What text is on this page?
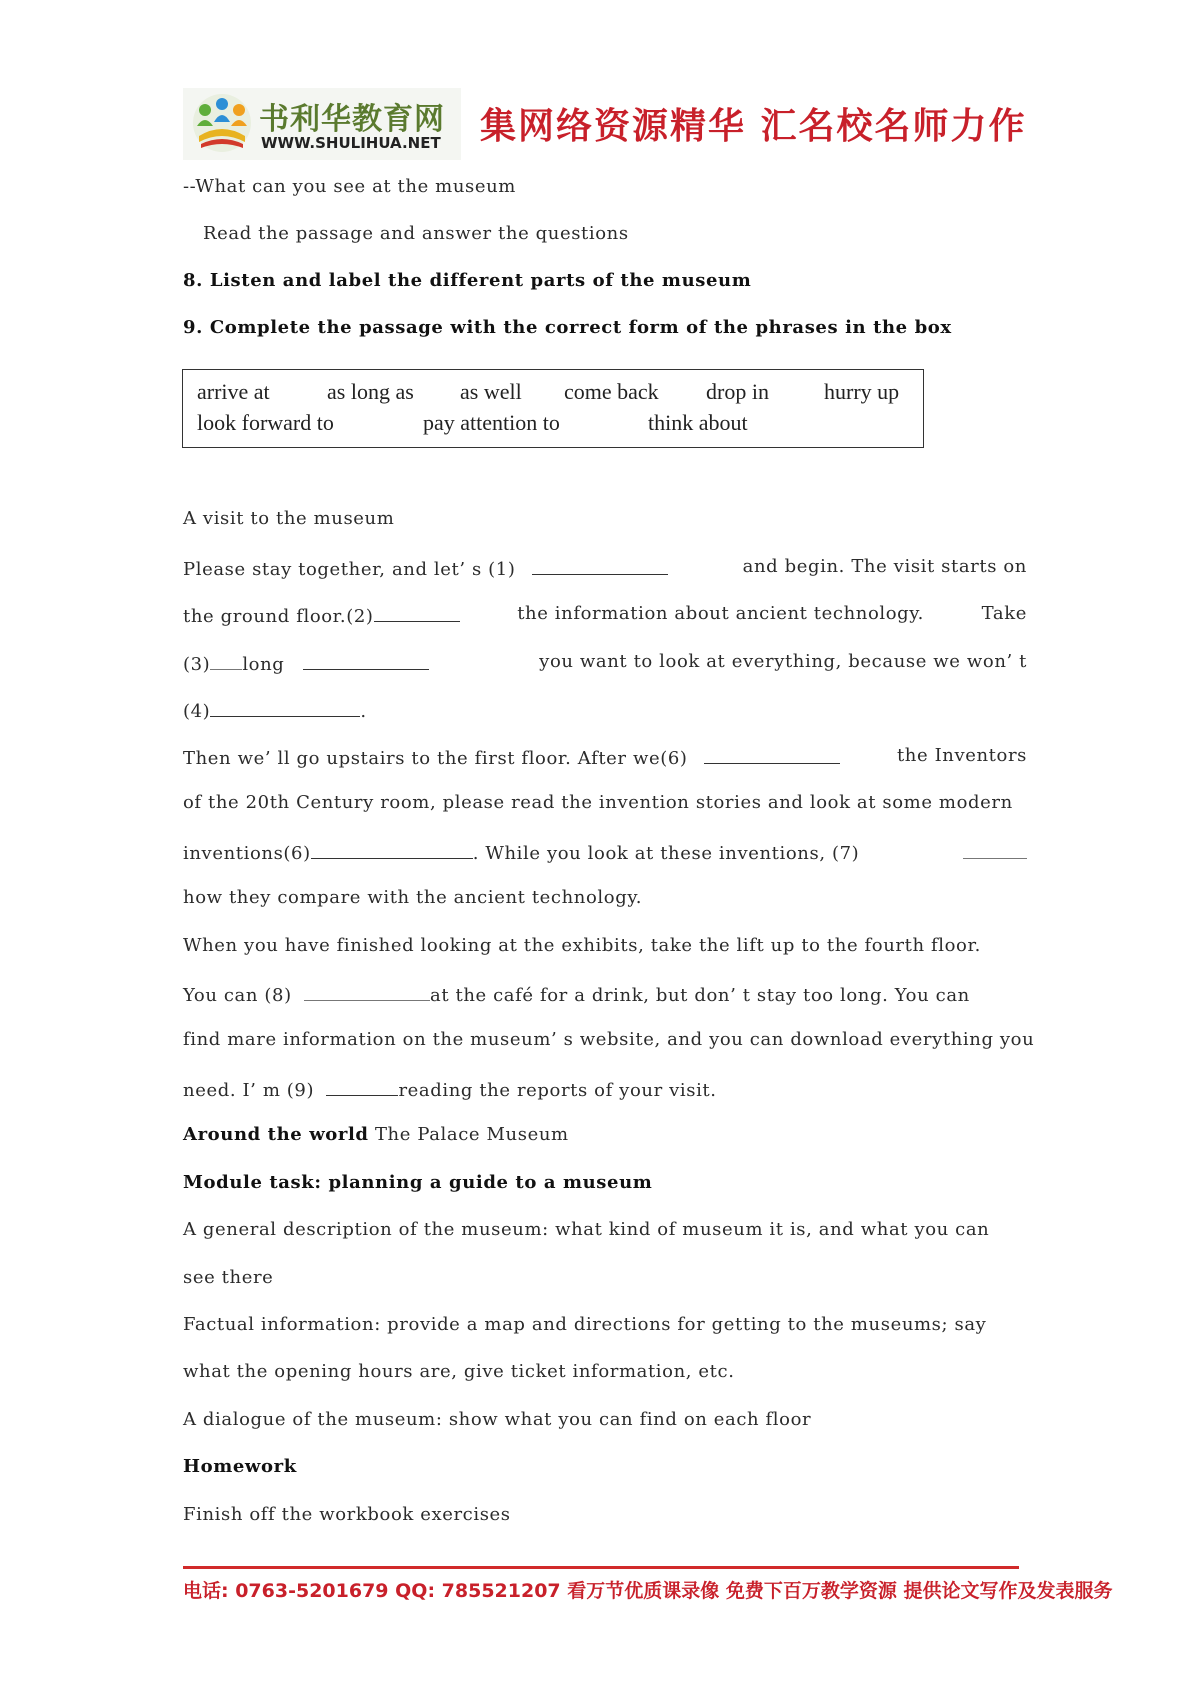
书利华教育网
WWW.SHULIHUA.NET 集网络资源精华 汇名校名师力作
--What can you see at the museum
Read the passage and answer the questions
8. Listen and label the different parts of the museum
9. Complete the passage with the correct form of the phrases in the box
arrive at	as long as as well come back drop in	hurry up
look forward to	pay attention to	think about
A visit to the museum
Please stay together, and let’ s (1)	and begin. The visit starts on
the ground floor.(2)	the information about ancient technology.	Take
(3) long	you want to look at everything, because we won’ t
(4)	.
Then we’ ll go upstairs to the first floor. After we(6)	the Inventors
of the 20th Century room, please read the invention stories and look at some modern
inventions(6)	. While you look at these inventions, (7)
how they compare with the ancient technology.
When you have finished looking at the exhibits, take the lift up to the fourth floor.
You can (8)	at the café for a drink, but don’ t stay too long. You can
find mare information on the museum’ s website, and you can download everything you
need. I’ m (9)	reading the reports of your visit.
Around the world The Palace Museum
Module task: planning a guide to a museum
A general description of the museum: what kind of museum it is, and what you can
see there
Factual information: provide a map and directions for getting to the museums; say
what the opening hours are, give ticket information, etc.
A dialogue of the museum: show what you can find on each floor
Homework
Finish off the workbook exercises
电话: 0763-5201679 QQ: 785521207 看万节优质课录像 免费下百万教学资源 提供论文写作及发表服务
